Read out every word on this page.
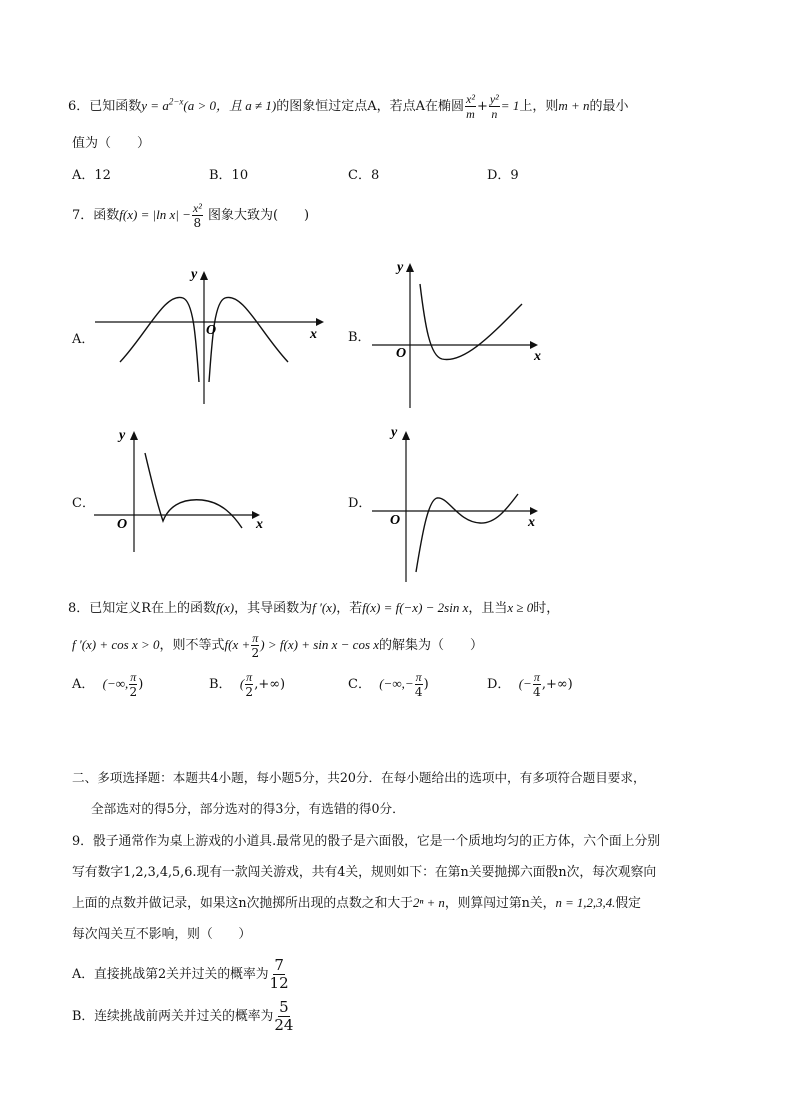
6．已知函数$y = a^{2-x}(a > 0$，且 a ≠ 1)的图象恒过定点A，若点A在椭圆 $\frac{\text{x²}}{m} + \frac{\text{y²}}{n} = 1$上，则m + n的最小
值为（　　）
A．12	B．10	C．8	D．9
7．函数f(x) = |ln $x| - \frac{\text{x²}}{8}$ 图象大致为(　　)
A．	B．
C．	D．
y
x
O
y
x
O
y
x
O
y
x
O
8．已知定义R在上的函数f(x)，其导函数为f ′(x)，若f(x) = f(−x) − 2sin x，且当x ≥ 0时，
f ′(x) + cos x > 0，则不等式$f(x + \frac{\pi}{2}$ ) > f(x) + sin x − cos x的解集为（　　）
A． (−∞, $\frac{\pi}{2}$ )	B． ( $\frac{\pi}{2}$ ,+∞)	C． (−∞,− $\frac{\pi}{4}$ )	D． (− $\frac{\pi}{4}$ ,+∞)
二、多项选择题：本题共4小题，每小题5分，共20分．在每小题给出的选项中，有多项符合题目要求，
全部选对的得5分，部分选对的得3分，有选错的得0分．
9．骰子通常作为桌上游戏的小道具.最常见的骰子是六面骰，它是一个质地均匀的正方体，六个面上分别
写有数字1,2,3,4,5,6.现有一款闯关游戏，共有4关，规则如下：在第n关要抛掷六面骰n次，每次观察向
上面的点数并做记录，如果这n次抛掷所出现的点数之和大于2ⁿ + n，则算闯过第n关，n = 1,2,3,4.假定
每次闯关互不影响，则（　　）
A．直接挑战第2关并过关的概率为 $\frac{7}{12}$
B．连续挑战前两关并过关的概率为 $\frac{5}{24}$
